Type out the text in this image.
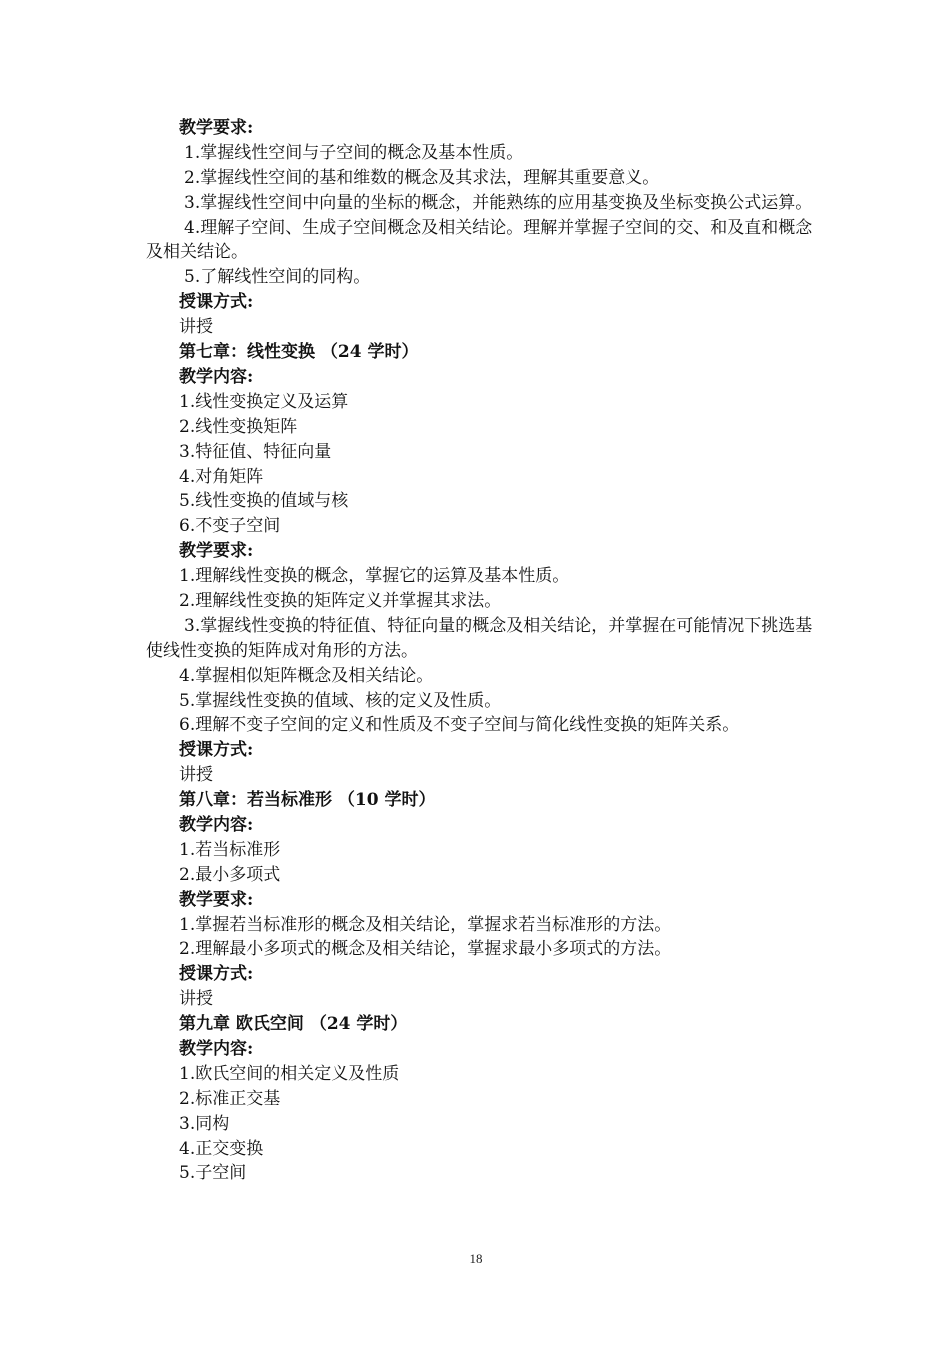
教学要求:
1.掌握线性空间与子空间的概念及基本性质。
2.掌握线性空间的基和维数的概念及其求法，理解其重要意义。
3.掌握线性空间中向量的坐标的概念，并能熟练的应用基变换及坐标变换公式运算。
4.理解子空间、生成子空间概念及相关结论。理解并掌握子空间的交、和及直和概念及相关结论。
5.了解线性空间的同构。
授课方式:
讲授
第七章：线性变换 （24 学时）
教学内容:
1.线性变换定义及运算
2.线性变换矩阵
3.特征值、特征向量
4.对角矩阵
5.线性变换的值域与核
6.不变子空间
教学要求:
1.理解线性变换的概念，掌握它的运算及基本性质。
2.理解线性变换的矩阵定义并掌握其求法。
3.掌握线性变换的特征值、特征向量的概念及相关结论，并掌握在可能情况下挑选基使线性变换的矩阵成对角形的方法。
4.掌握相似矩阵概念及相关结论。
5.掌握线性变换的值域、核的定义及性质。
6.理解不变子空间的定义和性质及不变子空间与简化线性变换的矩阵关系。
授课方式:
讲授
第八章：若当标准形 （10 学时）
教学内容:
1.若当标准形
2.最小多项式
教学要求:
1.掌握若当标准形的概念及相关结论，掌握求若当标准形的方法。
2.理解最小多项式的概念及相关结论，掌握求最小多项式的方法。
授课方式:
讲授
第九章 欧氏空间 （24 学时）
教学内容:
1.欧氏空间的相关定义及性质
2.标准正交基
3.同构
4.正交变换
5.子空间
18
